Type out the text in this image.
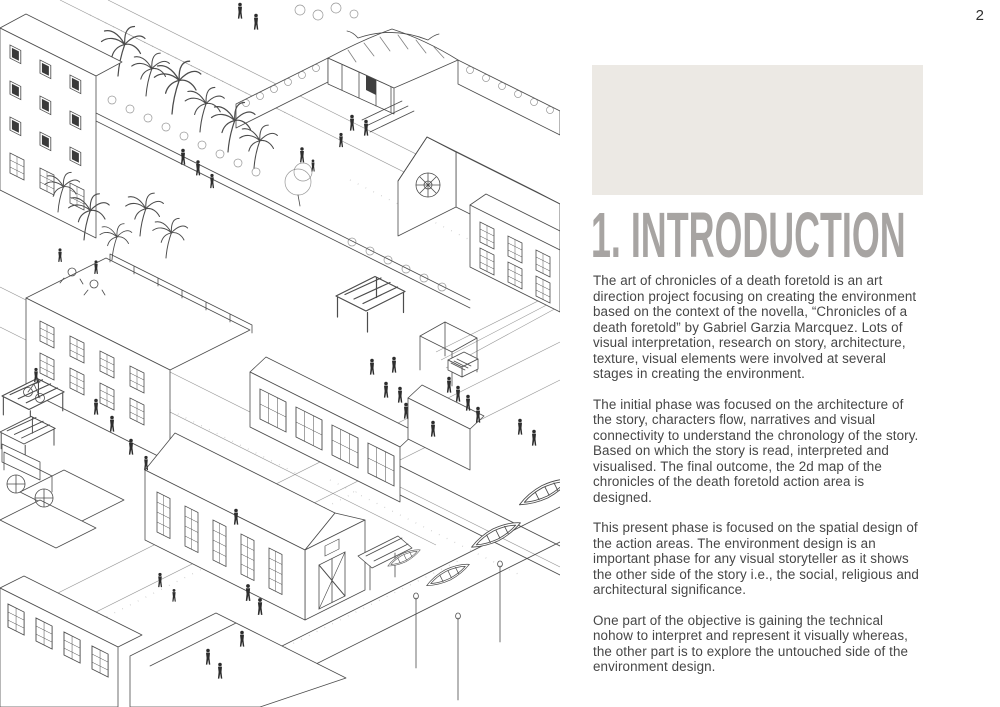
2
1. INTRODUCTION

The art of chronicles of a death foretold is an art direction project focusing on creating the environment based on the context of the novella, “Chronicles of a death foretold” by Gabriel Garzia Marcquez. Lots of visual interpretation, research on story, architecture, texture, visual elements were involved at several stages in creating the environment.

The initial phase was focused on the architecture of the story, characters flow, narratives and visual connectivity to understand the chronology of the story. Based on which the story is read, interpreted and visualised. The final outcome, the 2d map of the chronicles of the death foretold action area is designed.

This present phase is focused on the spatial design of the action areas. The environment design is an important phase for any visual storyteller as it shows the other side of the story i.e., the social, religious and architectural significance.

One part of the objective is gaining the technical nohow to interpret and represent it visually whereas, the other part is to explore the untouched side of the environment design.
